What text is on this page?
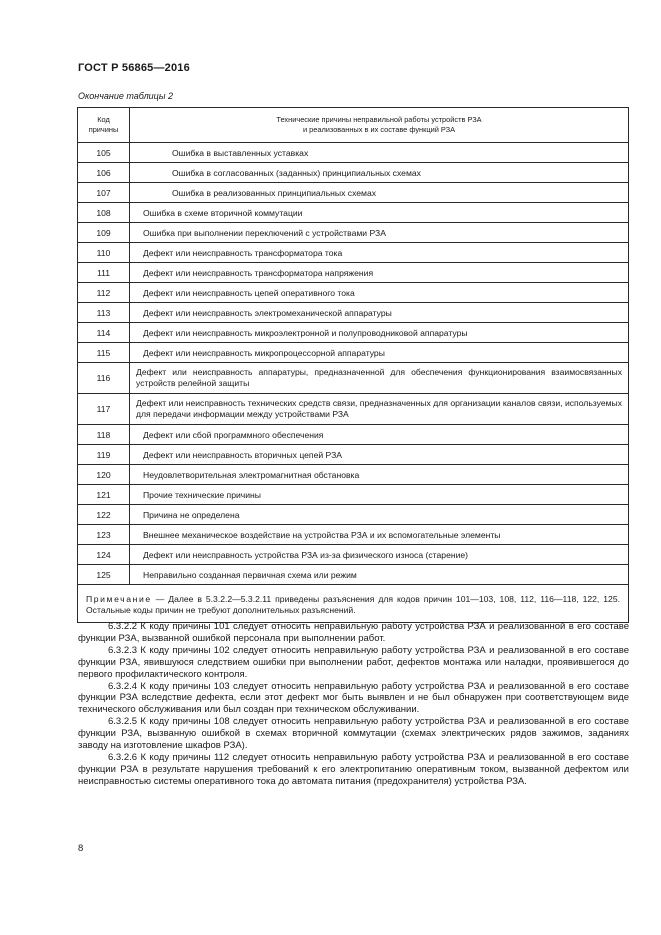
ГОСТ Р 56865—2016
Окончание таблицы 2
Код
причины	Технические причины неправильной работы устройств РЗА
и реализованных в их составе функций РЗА
105	Ошибка в выставленных уставках
106	Ошибка в согласованных (заданных) принципиальных схемах
107	Ошибка в реализованных принципиальных схемах
108	Ошибка в схеме вторичной коммутации
109	Ошибка при выполнении переключений с устройствами РЗА
110	Дефект или неисправность трансформатора тока
111	Дефект или неисправность трансформатора напряжения
112	Дефект или неисправность цепей оперативного тока
113	Дефект или неисправность электромеханической аппаратуры
114	Дефект или неисправность микроэлектронной и полупроводниковой аппаратуры
115	Дефект или неисправность микропроцессорной аппаратуры
116	Дефект или неисправность аппаратуры, предназначенной для обеспечения функционирования взаимосвязанных устройств релейной защиты
117	Дефект или неисправность технических средств связи, предназначенных для организации каналов связи, используемых для передачи информации между устройствами РЗА
118	Дефект или сбой программного обеспечения
119	Дефект или неисправность вторичных цепей РЗА
120	Неудовлетворительная электромагнитная обстановка
121	Прочие технические причины
122	Причина не определена
123	Внешнее механическое воздействие на устройства РЗА и их вспомогательные элементы
124	Дефект или неисправность устройства РЗА из-за физического износа (старение)
125	Неправильно созданная первичная схема или режим
Примечание — Далее в 5.3.2.2—5.3.2.11 приведены разъяснения для кодов причин 101—103, 108, 112, 116—118, 122, 125. Остальные коды причин не требуют дополнительных разъяснений.	

6.3.2.2 К коду причины 101 следует относить неправильную работу устройства РЗА и реализованной в его составе функции РЗА, вызванной ошибкой персонала при выполнении работ.

6.3.2.3 К коду причины 102 следует относить неправильную работу устройства РЗА и реализованной в его составе функции РЗА, явившуюся следствием ошибки при выполнении работ, дефектов монтажа или наладки, проявившегося до первого профилактического контроля.

6.3.2.4 К коду причины 103 следует относить неправильную работу устройства РЗА и реализованной в его составе функции РЗА вследствие дефекта, если этот дефект мог быть выявлен и не был обнаружен при соответствующем виде технического обслуживания или был создан при техническом обслуживании.

6.3.2.5 К коду причины 108 следует относить неправильную работу устройства РЗА и реализованной в его составе функции РЗА, вызванную ошибкой в схемах вторичной коммутации (схемах электрических рядов зажимов, заданиях заводу на изготовление шкафов РЗА).

6.3.2.6 К коду причины 112 следует относить неправильную работу устройства РЗА и реализованной в его составе функции РЗА в результате нарушения требований к его электропитанию оперативным током, вызванной дефектом или неисправностью системы оперативного тока до автомата питания (предохранителя) устройства РЗА.

8
